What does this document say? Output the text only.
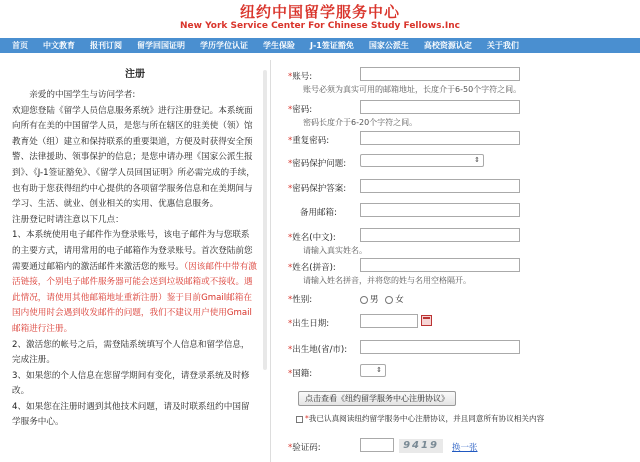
纽约中国留学服务中心
New York Service Center For Chinese Study Fellows.Inc
首页 中文教育 报刊订阅 留学回国证明 学历学位认证 学生保险 J-1签证豁免 国家公派生 高校资源认定 关于我们
注册
亲爱的中国学生与访问学者:
欢迎您登陆《留学人员信息服务系统》进行注册登记。本系统面向所有在美的中国留学人员，是您与所在辖区的驻美使（领）馆教育处（组）建立和保持联系的重要渠道，方便及时获得安全预警、法律援助、领事保护的信息；是您申请办理《国家公派生报到》、《J-1签证豁免》、《留学人员回国证明》所必需完成的手续，也有助于您获得纽约中心提供的各项留学服务信息和在美期间与学习、生活、就业、创业相关的实用、优惠信息服务。
注册登记时请注意以下几点：
1、本系统使用电子邮件作为登录账号，该电子邮件为与您联系的主要方式，请用常用的电子邮箱作为登录账号。首次登陆前您需要通过邮箱内的激活邮件来激活您的账号。（因该邮件中带有激活链接，个别电子邮件服务器可能会送到垃圾邮箱或不接收。遇此情况，请使用其他邮箱地址重新注册）鉴于目前Gmail邮箱在国内使用时会遇到收发邮件的问题，我们不建议用户使用Gmail邮箱进行注册。
2、激活您的帐号之后，需登陆系统填写个人信息和留学信息，完成注册。
3、如果您的个人信息在您留学期间有变化，请登录系统及时修改。
4、如果您在注册时遇到其他技术问题，请及时联系纽约中国留学服务中心。
*账号:
账号必须为真实可用的邮箱地址，长度介于6-50个字符之间。
*密码:
密码长度介于6-20个字符之间。
*重复密码:
*密码保护问题:	⇕
*密码保护答案:
备用邮箱:
*姓名(中文):
请输入真实姓名。
*姓名(拼音):
请输入姓名拼音，并将您的姓与名用空格隔开。
*性别:	男 女
*出生日期:
*出生地(省/市):
*国籍:	⇕
点击查看《纽约留学服务中心注册协议》
*我已认真阅读纽约留学服务中心注册协议，并且同意所有协议相关内容
*验证码:	9419	换一张
